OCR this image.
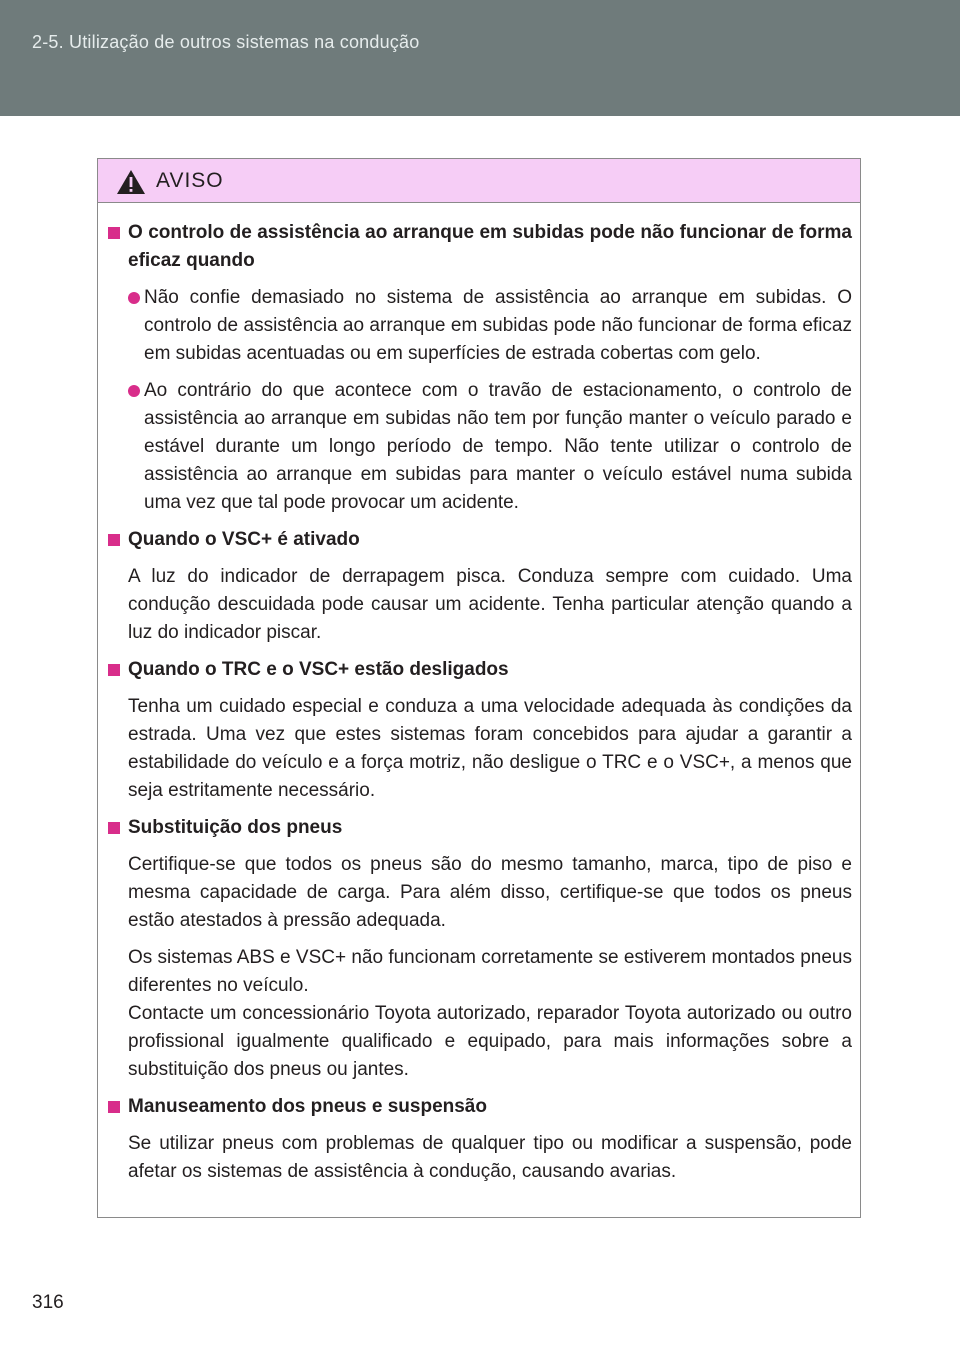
2-5. Utilização de outros sistemas na condução
AVISO
O controlo de assistência ao arranque em subidas pode não funcionar de forma eficaz quando
Não confie demasiado no sistema de assistência ao arranque em subidas. O controlo de assistência ao arranque em subidas pode não funcionar de forma eficaz em subidas acentuadas ou em superfícies de estrada cobertas com gelo.
Ao contrário do que acontece com o travão de estacionamento, o controlo de assistência ao arranque em subidas não tem por função manter o veículo parado e estável durante um longo período de tempo. Não tente utilizar o controlo de assistência ao arranque em subidas para manter o veículo estável numa subida uma vez que tal pode provocar um acidente.
Quando o VSC+ é ativado
A luz do indicador de derrapagem pisca. Conduza sempre com cuidado. Uma condução descuidada pode causar um acidente. Tenha particular atenção quando a luz do indicador piscar.
Quando o TRC e o VSC+ estão desligados
Tenha um cuidado especial e conduza a uma velocidade adequada às condições da estrada. Uma vez que estes sistemas foram concebidos para ajudar a garantir a estabilidade do veículo e a força motriz, não desligue o TRC e o VSC+, a menos que seja estritamente necessário.
Substituição dos pneus
Certifique-se que todos os pneus são do mesmo tamanho, marca, tipo de piso e mesma capacidade de carga. Para além disso, certifique-se que todos os pneus estão atestados à pressão adequada.
Os sistemas ABS e VSC+ não funcionam corretamente se estiverem montados pneus diferentes no veículo.
Contacte um concessionário Toyota autorizado, reparador Toyota autorizado ou outro profissional igualmente qualificado e equipado, para mais informações sobre a substituição dos pneus ou jantes.
Manuseamento dos pneus e suspensão
Se utilizar pneus com problemas de qualquer tipo ou modificar a suspensão, pode afetar os sistemas de assistência à condução, causando avarias.
316
